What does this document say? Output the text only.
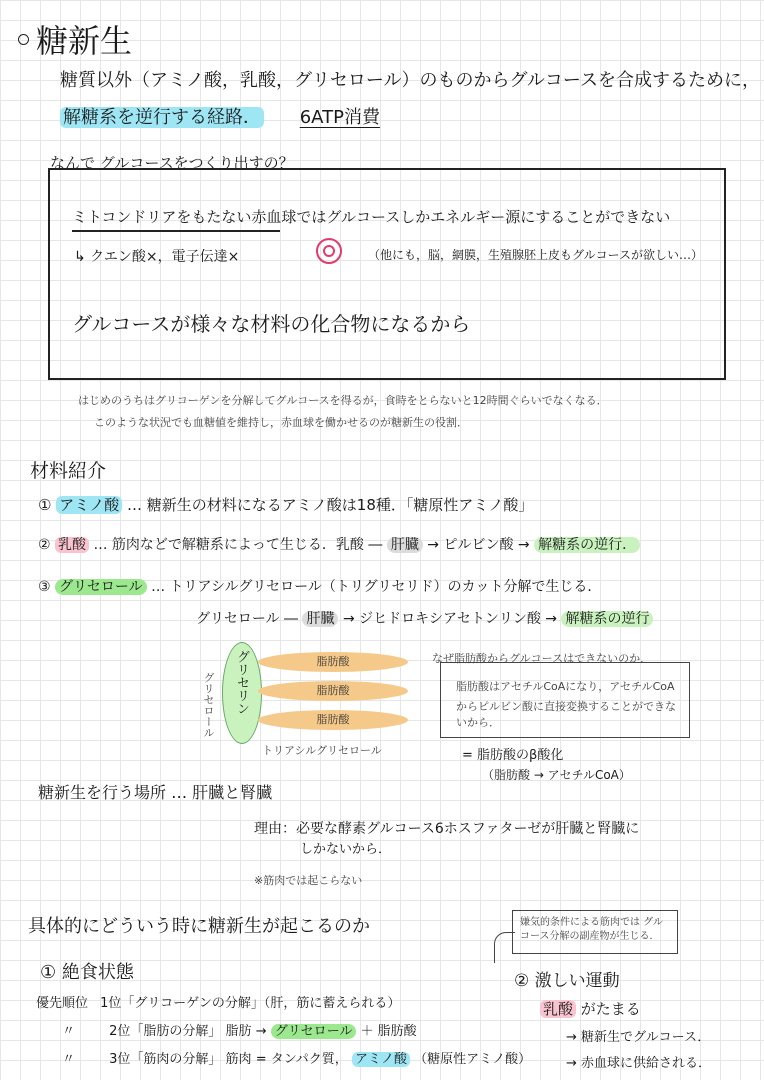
糖新生
糖質以外（アミノ酸，乳酸，グリセロール）のものからグルコースを合成するために，
解糖系を逆行する経路． 6ATP消費
なんで グルコースをつくり出すの？
ミトコンドリアをもたない赤血球ではグルコースしかエネルギー源にすることができない
↳ クエン酸×，電子伝達×	（他にも，脳，網膜，生殖腺胚上皮もグルコースが欲しい…）
グルコースが様々な材料の化合物になるから
はじめのうちはグリコーゲンを分解してグルコースを得るが，食時をとらないと12時間ぐらいでなくなる．
このような状況でも血糖値を維持し，赤血球を働かせるのが糖新生の役割．
材料紹介
① アミノ酸 … 糖新生の材料になるアミノ酸は18種．「糖原性アミノ酸」
② 乳酸 … 筋肉などで解糖系によって生じる．乳酸 ― 肝臓 → ピルビン酸 → 解糖系の逆行．
③ グリセロール … トリアシルグリセロール（トリグリセリド）のカット分解で生じる．
グリセロール ― 肝臓 → ジヒドロキシアセトンリン酸 → 解糖系の逆行
グリセリン
グリセロール
脂肪酸
脂肪酸
脂肪酸
トリアシルグリセロール
なぜ脂肪酸からグルコースはできないのか．
脂肪酸はアセチルCoAになり，アセチルCoA
からピルビン酸に直接変換することができないから．
= 脂肪酸のβ酸化
（脂肪酸 → アセチルCoA）
糖新生を行う場所 … 肝臓と腎臓
理由：必要な酵素グルコース6ホスファターゼが肝臓と腎臓に
しかないから．
※筋肉では起こらない
具体的にどういう時に糖新生が起こるのか
① 絶食状態
優先順位 1位「グリコーゲンの分解」（肝，筋に蓄えられる）
〃	2位「脂肪の分解」 脂肪 → グリセロール ＋ 脂肪酸
〃	3位「筋肉の分解」 筋肉 = タンパク質， アミノ酸 （糖原性アミノ酸）
嫌気的条件による筋肉では グルコース分解の副産物が生じる．
② 激しい運動
乳酸 がたまる
→ 糖新生でグルコース．
→ 赤血球に供給される．
